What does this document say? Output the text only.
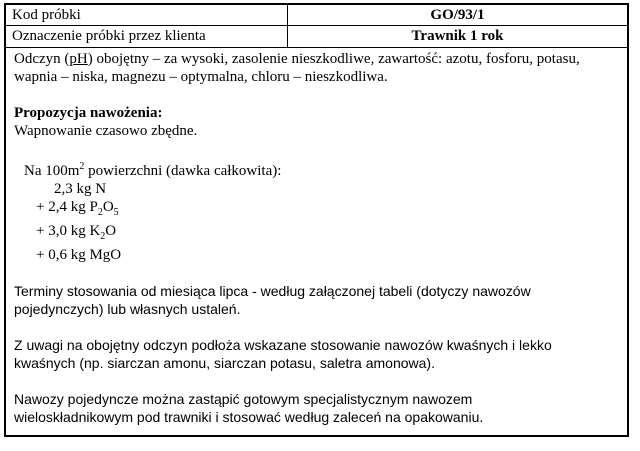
Kod próbki	GO/93/1
Oznaczenie próbki przez klienta	Trawnik 1 rok

Odczyn (pH) obojętny – za wysoki, zasolenie nieszkodliwe, zawartość: azotu, fosforu, potasu,

wapnia – niska, magnezu – optymalna, chloru – nieszkodliwa.

Propozycja nawożenia:

Wapnowanie czasowo zbędne.

Na $100m^2$ powierzchni (dawka całkowita):

2,3 kg N

+ 2,4 kg $P_2O_5$

+ 3,0 kg $K_2O$

+ 0,6 kg MgO

Terminy stosowania od miesiąca lipca - według załączonej tabeli (dotyczy nawozów

pojedynczych) lub własnych ustaleń.

Z uwagi na obojętny odczyn podłoża wskazane stosowanie nawozów kwaśnych i lekko

kwaśnych (np. siarczan amonu, siarczan potasu, saletra amonowa).

Nawozy pojedyncze można zastąpić gotowym specjalistycznym nawozem

wieloskładnikowym pod trawniki i stosować według zaleceń na opakowaniu.
